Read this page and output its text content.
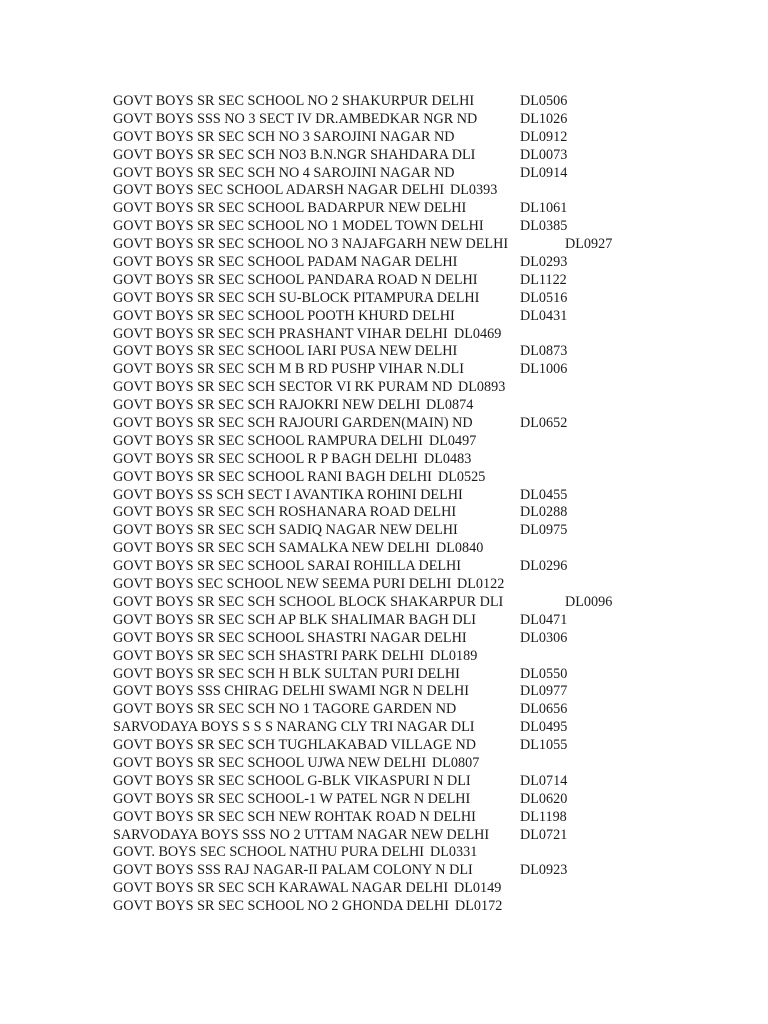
GOVT BOYS SR SEC SCHOOL NO 2 SHAKURPUR DELHI	DL0506
GOVT BOYS SSS NO 3 SECT IV DR.AMBEDKAR NGR ND	DL1026
GOVT BOYS SR SEC SCH NO 3 SAROJINI NAGAR ND	DL0912
GOVT BOYS SR SEC SCH NO3 B.N.NGR SHAHDARA DLI	DL0073
GOVT BOYS SR SEC SCH NO 4 SAROJINI NAGAR ND	DL0914
GOVT BOYS SEC SCHOOL ADARSH NAGAR DELHI DL0393
GOVT BOYS SR SEC SCHOOL BADARPUR NEW DELHI	DL1061
GOVT BOYS SR SEC SCHOOL NO 1 MODEL TOWN DELHI	DL0385
GOVT BOYS SR SEC SCHOOL NO 3 NAJAFGARH NEW DELHI	DL0927
GOVT BOYS SR SEC SCHOOL PADAM NAGAR DELHI	DL0293
GOVT BOYS SR SEC SCHOOL PANDARA ROAD N DELHI	DL1122
GOVT BOYS SR SEC SCH SU-BLOCK PITAMPURA DELHI	DL0516
GOVT BOYS SR SEC SCHOOL POOTH KHURD DELHI	DL0431
GOVT BOYS SR SEC SCH PRASHANT VIHAR DELHI DL0469
GOVT BOYS SR SEC SCHOOL IARI PUSA NEW DELHI	DL0873
GOVT BOYS SR SEC SCH M B RD PUSHP VIHAR N.DLI	DL1006
GOVT BOYS SR SEC SCH SECTOR VI RK PURAM ND DL0893
GOVT BOYS SR SEC SCH RAJOKRI NEW DELHI DL0874
GOVT BOYS SR SEC SCH RAJOURI GARDEN(MAIN) ND	DL0652
GOVT BOYS SR SEC SCHOOL RAMPURA DELHI DL0497
GOVT BOYS SR SEC SCHOOL R P BAGH DELHI DL0483
GOVT BOYS SR SEC SCHOOL RANI BAGH DELHI DL0525
GOVT BOYS SS SCH SECT I AVANTIKA ROHINI DELHI	DL0455
GOVT BOYS SR SEC SCH ROSHANARA ROAD DELHI	DL0288
GOVT BOYS SR SEC SCH SADIQ NAGAR NEW DELHI	DL0975
GOVT BOYS SR SEC SCH SAMALKA NEW DELHI DL0840
GOVT BOYS SR SEC SCHOOL SARAI ROHILLA DELHI	DL0296
GOVT BOYS SEC SCHOOL NEW SEEMA PURI DELHI DL0122
GOVT BOYS SR SEC SCH SCHOOL BLOCK SHAKARPUR DLI	DL0096
GOVT BOYS SR SEC SCH AP BLK SHALIMAR BAGH DLI	DL0471
GOVT BOYS SR SEC SCHOOL SHASTRI NAGAR DELHI	DL0306
GOVT BOYS SR SEC SCH SHASTRI PARK DELHI DL0189
GOVT BOYS SR SEC SCH H BLK SULTAN PURI DELHI	DL0550
GOVT BOYS SSS CHIRAG DELHI SWAMI NGR N DELHI	DL0977
GOVT BOYS SR SEC SCH NO 1 TAGORE GARDEN ND	DL0656
SARVODAYA BOYS S S S NARANG CLY TRI NAGAR DLI	DL0495
GOVT BOYS SR SEC SCH TUGHLAKABAD VILLAGE ND	DL1055
GOVT BOYS SR SEC SCHOOL UJWA NEW DELHI DL0807
GOVT BOYS SR SEC SCHOOL G-BLK VIKASPURI N DLI	DL0714
GOVT BOYS SR SEC SCHOOL-1 W PATEL NGR N DELHI	DL0620
GOVT BOYS SR SEC SCH NEW ROHTAK ROAD N DELHI	DL1198
SARVODAYA BOYS SSS NO 2 UTTAM NAGAR NEW DELHI DL0721
GOVT. BOYS SEC SCHOOL NATHU PURA DELHI DL0331
GOVT BOYS SSS RAJ NAGAR-II PALAM COLONY N DLI	DL0923
GOVT BOYS SR SEC SCH KARAWAL NAGAR DELHI DL0149
GOVT BOYS SR SEC SCHOOL NO 2 GHONDA DELHI DL0172
